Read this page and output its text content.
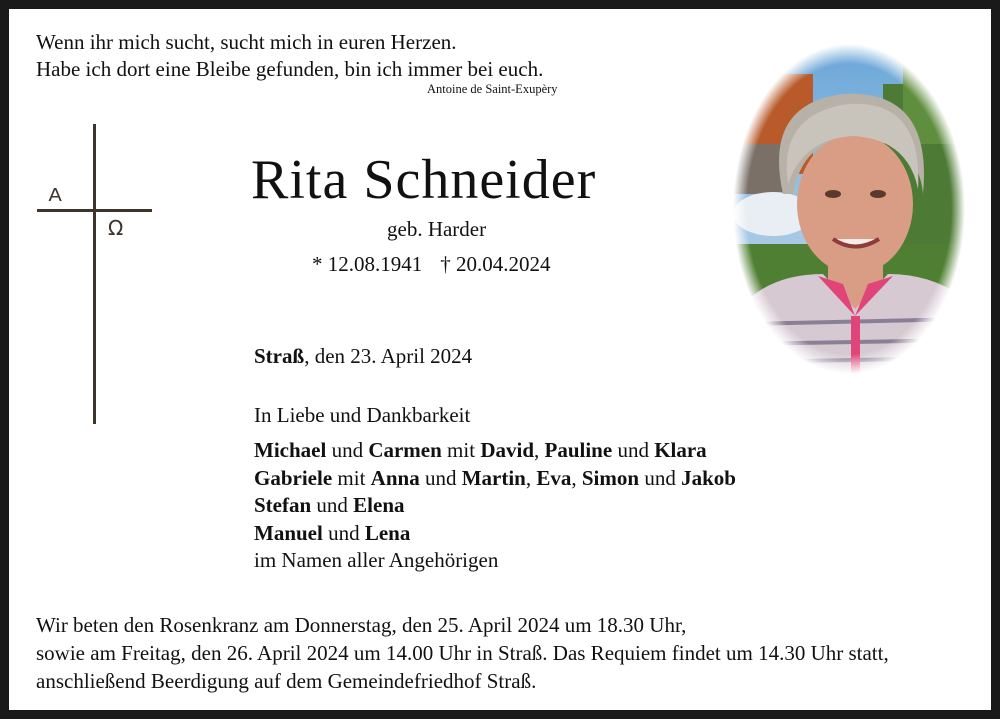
Wenn ihr mich sucht, sucht mich in euren Herzen.
Habe ich dort eine Bleibe gefunden, bin ich immer bei euch.
Antoine de Saint-Exupèry
A
Ω
Rita Schneider
geb. Harder
* 12.08.1941 † 20.04.2024
Straß, den 23. April 2024
In Liebe und Dankbarkeit
Michael und Carmen mit David, Pauline und Klara
Gabriele mit Anna und Martin, Eva, Simon und Jakob
Stefan und Elena
Manuel und Lena
im Namen aller Angehörigen
Wir beten den Rosenkranz am Donnerstag, den 25. April 2024 um 18.30 Uhr,
sowie am Freitag, den 26. April 2024 um 14.00 Uhr in Straß. Das Requiem findet um 14.30 Uhr statt,
anschließend Beerdigung auf dem Gemeindefriedhof Straß.
